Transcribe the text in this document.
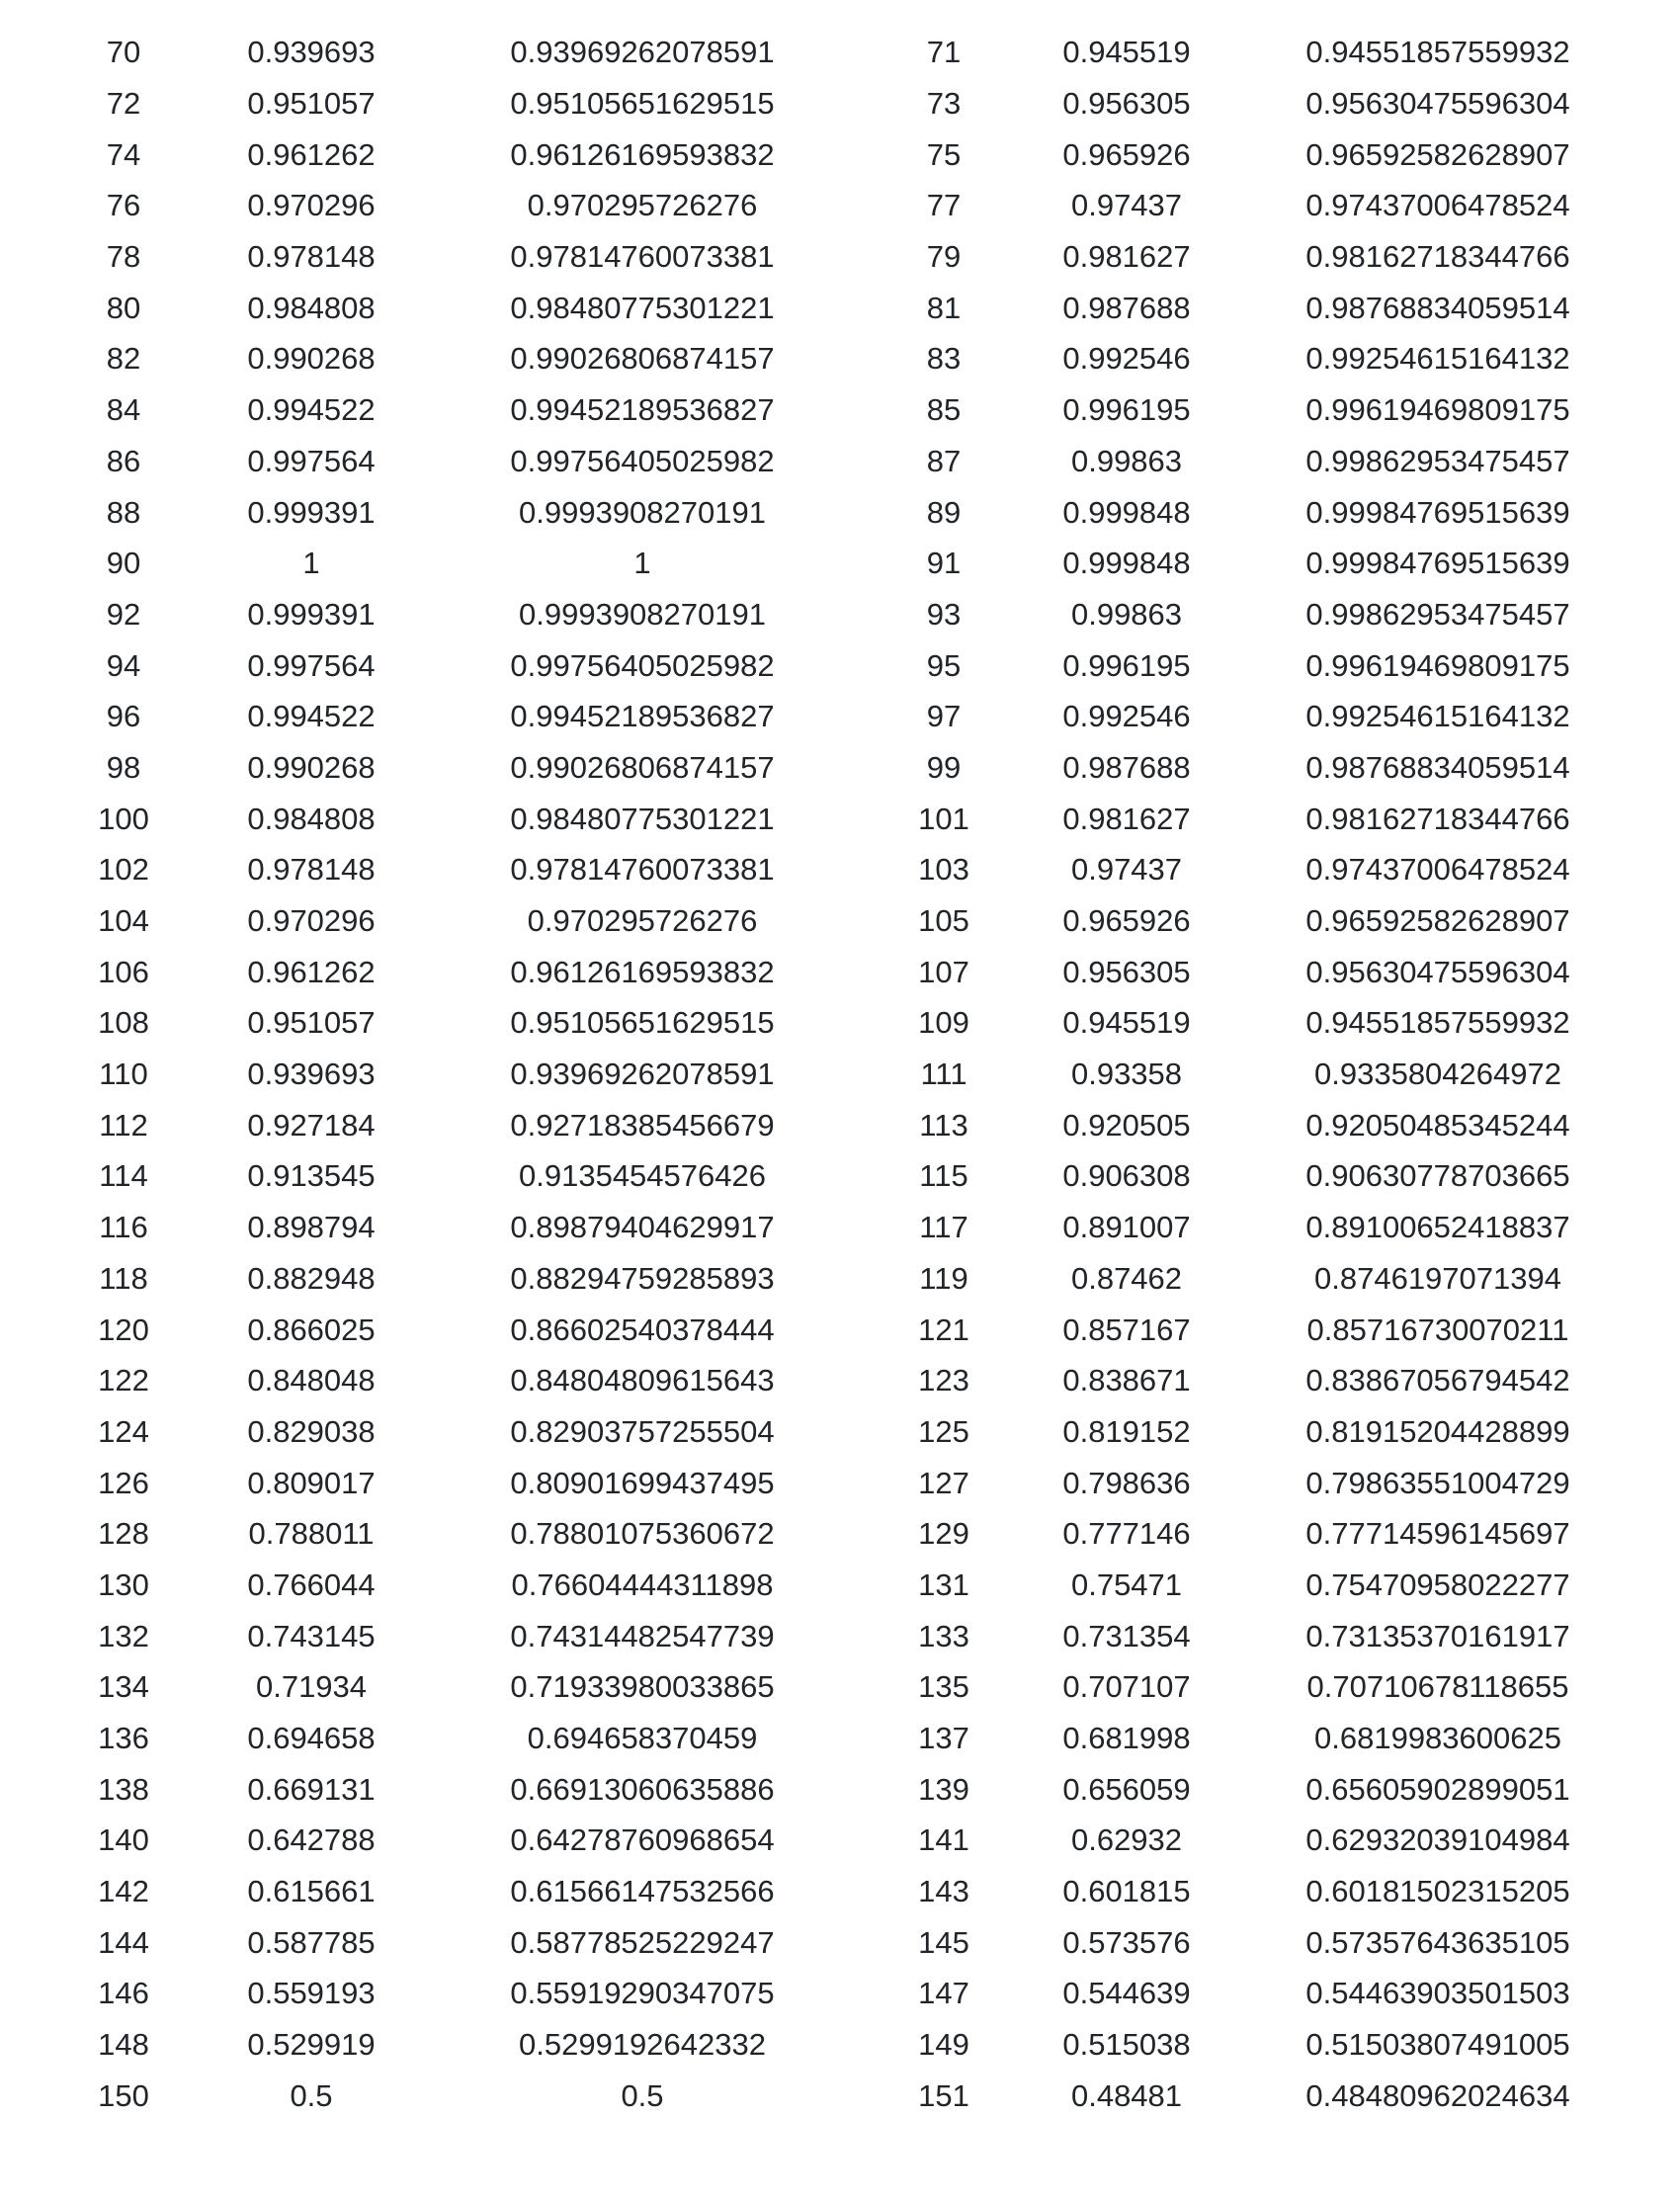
70	0.939693	0.93969262078591	71	0.945519	0.94551857559932
72	0.951057	0.95105651629515	73	0.956305	0.95630475596304
74	0.961262	0.96126169593832	75	0.965926	0.96592582628907
76	0.970296	0.970295726276	77	0.97437	0.97437006478524
78	0.978148	0.97814760073381	79	0.981627	0.98162718344766
80	0.984808	0.98480775301221	81	0.987688	0.98768834059514
82	0.990268	0.99026806874157	83	0.992546	0.99254615164132
84	0.994522	0.99452189536827	85	0.996195	0.99619469809175
86	0.997564	0.99756405025982	87	0.99863	0.99862953475457
88	0.999391	0.9993908270191	89	0.999848	0.99984769515639
90	1	1	91	0.999848	0.99984769515639
92	0.999391	0.9993908270191	93	0.99863	0.99862953475457
94	0.997564	0.99756405025982	95	0.996195	0.99619469809175
96	0.994522	0.99452189536827	97	0.992546	0.99254615164132
98	0.990268	0.99026806874157	99	0.987688	0.98768834059514
100	0.984808	0.98480775301221	101	0.981627	0.98162718344766
102	0.978148	0.97814760073381	103	0.97437	0.97437006478524
104	0.970296	0.970295726276	105	0.965926	0.96592582628907
106	0.961262	0.96126169593832	107	0.956305	0.95630475596304
108	0.951057	0.95105651629515	109	0.945519	0.94551857559932
110	0.939693	0.93969262078591	111	0.93358	0.9335804264972
112	0.927184	0.92718385456679	113	0.920505	0.92050485345244
114	0.913545	0.9135454576426	115	0.906308	0.90630778703665
116	0.898794	0.89879404629917	117	0.891007	0.89100652418837
118	0.882948	0.88294759285893	119	0.87462	0.8746197071394
120	0.866025	0.86602540378444	121	0.857167	0.85716730070211
122	0.848048	0.84804809615643	123	0.838671	0.83867056794542
124	0.829038	0.82903757255504	125	0.819152	0.81915204428899
126	0.809017	0.80901699437495	127	0.798636	0.79863551004729
128	0.788011	0.78801075360672	129	0.777146	0.77714596145697
130	0.766044	0.76604444311898	131	0.75471	0.75470958022277
132	0.743145	0.74314482547739	133	0.731354	0.73135370161917
134	0.71934	0.71933980033865	135	0.707107	0.70710678118655
136	0.694658	0.694658370459	137	0.681998	0.6819983600625
138	0.669131	0.66913060635886	139	0.656059	0.65605902899051
140	0.642788	0.64278760968654	141	0.62932	0.62932039104984
142	0.615661	0.61566147532566	143	0.601815	0.60181502315205
144	0.587785	0.58778525229247	145	0.573576	0.57357643635105
146	0.559193	0.55919290347075	147	0.544639	0.54463903501503
148	0.529919	0.5299192642332	149	0.515038	0.51503807491005
150	0.5	0.5	151	0.48481	0.48480962024634
